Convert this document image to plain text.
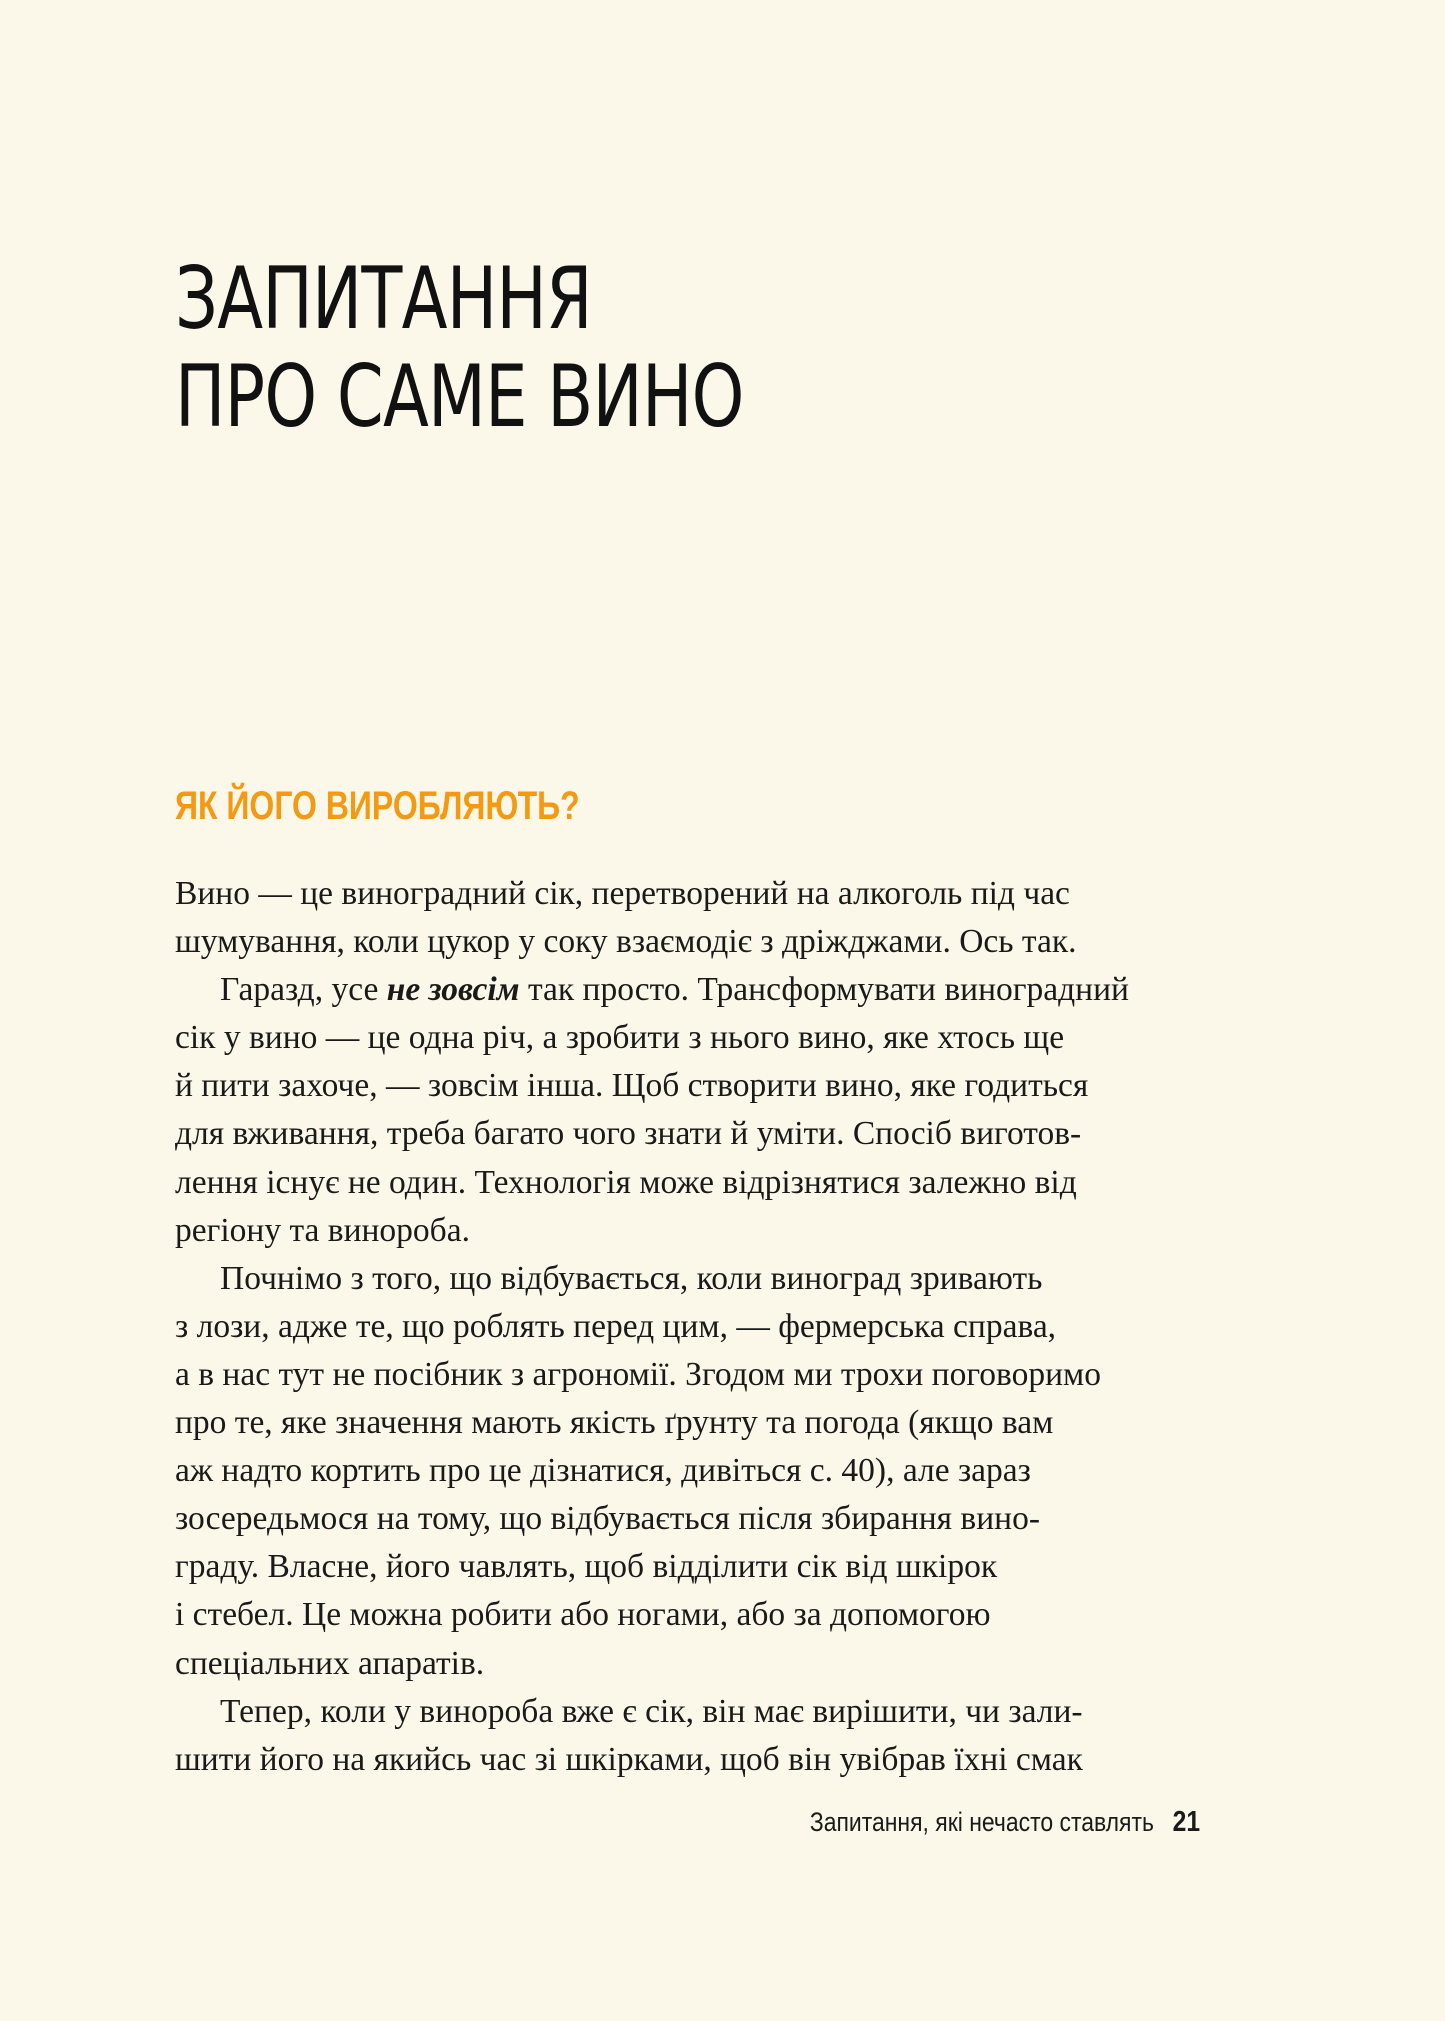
ЗАПИТАННЯ
ПРО САМЕ ВИНО
ЯК ЙОГО ВИРОБЛЯЮТЬ?
Вино — це виноградний сік, перетворений на алкоголь під час
шумування, коли цукор у соку взаємодіє з дріжджами. Ось так.
Гаразд, усе не зовсім так просто. Трансформувати виноградний
сік у вино — це одна річ, а зробити з нього вино, яке хтось ще
й пити захоче, — зовсім інша. Щоб створити вино, яке годиться
для вживання, треба багато чого знати й уміти. Спосіб виготов-
лення існує не один. Технологія може відрізнятися залежно від
регіону та винороба.
Почнімо з того, що відбувається, коли виноград зривають
з лози, адже те, що роблять перед цим, — фермерська справа,
а в нас тут не посібник з агрономії. Згодом ми трохи поговоримо
про те, яке значення мають якість ґрунту та погода (якщо вам
аж надто кортить про це дізнатися, дивіться с. 40), але зараз
зосередьмося на тому, що відбувається після збирання вино-
граду. Власне, його чавлять, щоб відділити сік від шкірок
і стебел. Це можна робити або ногами, або за допомогою
спеціальних апаратів.
Тепер, коли у винороба вже є сік, він має вирішити, чи зали-
шити його на якийсь час зі шкірками, щоб він увібрав їхні смак
Запитання, які нечасто ставлять 21
